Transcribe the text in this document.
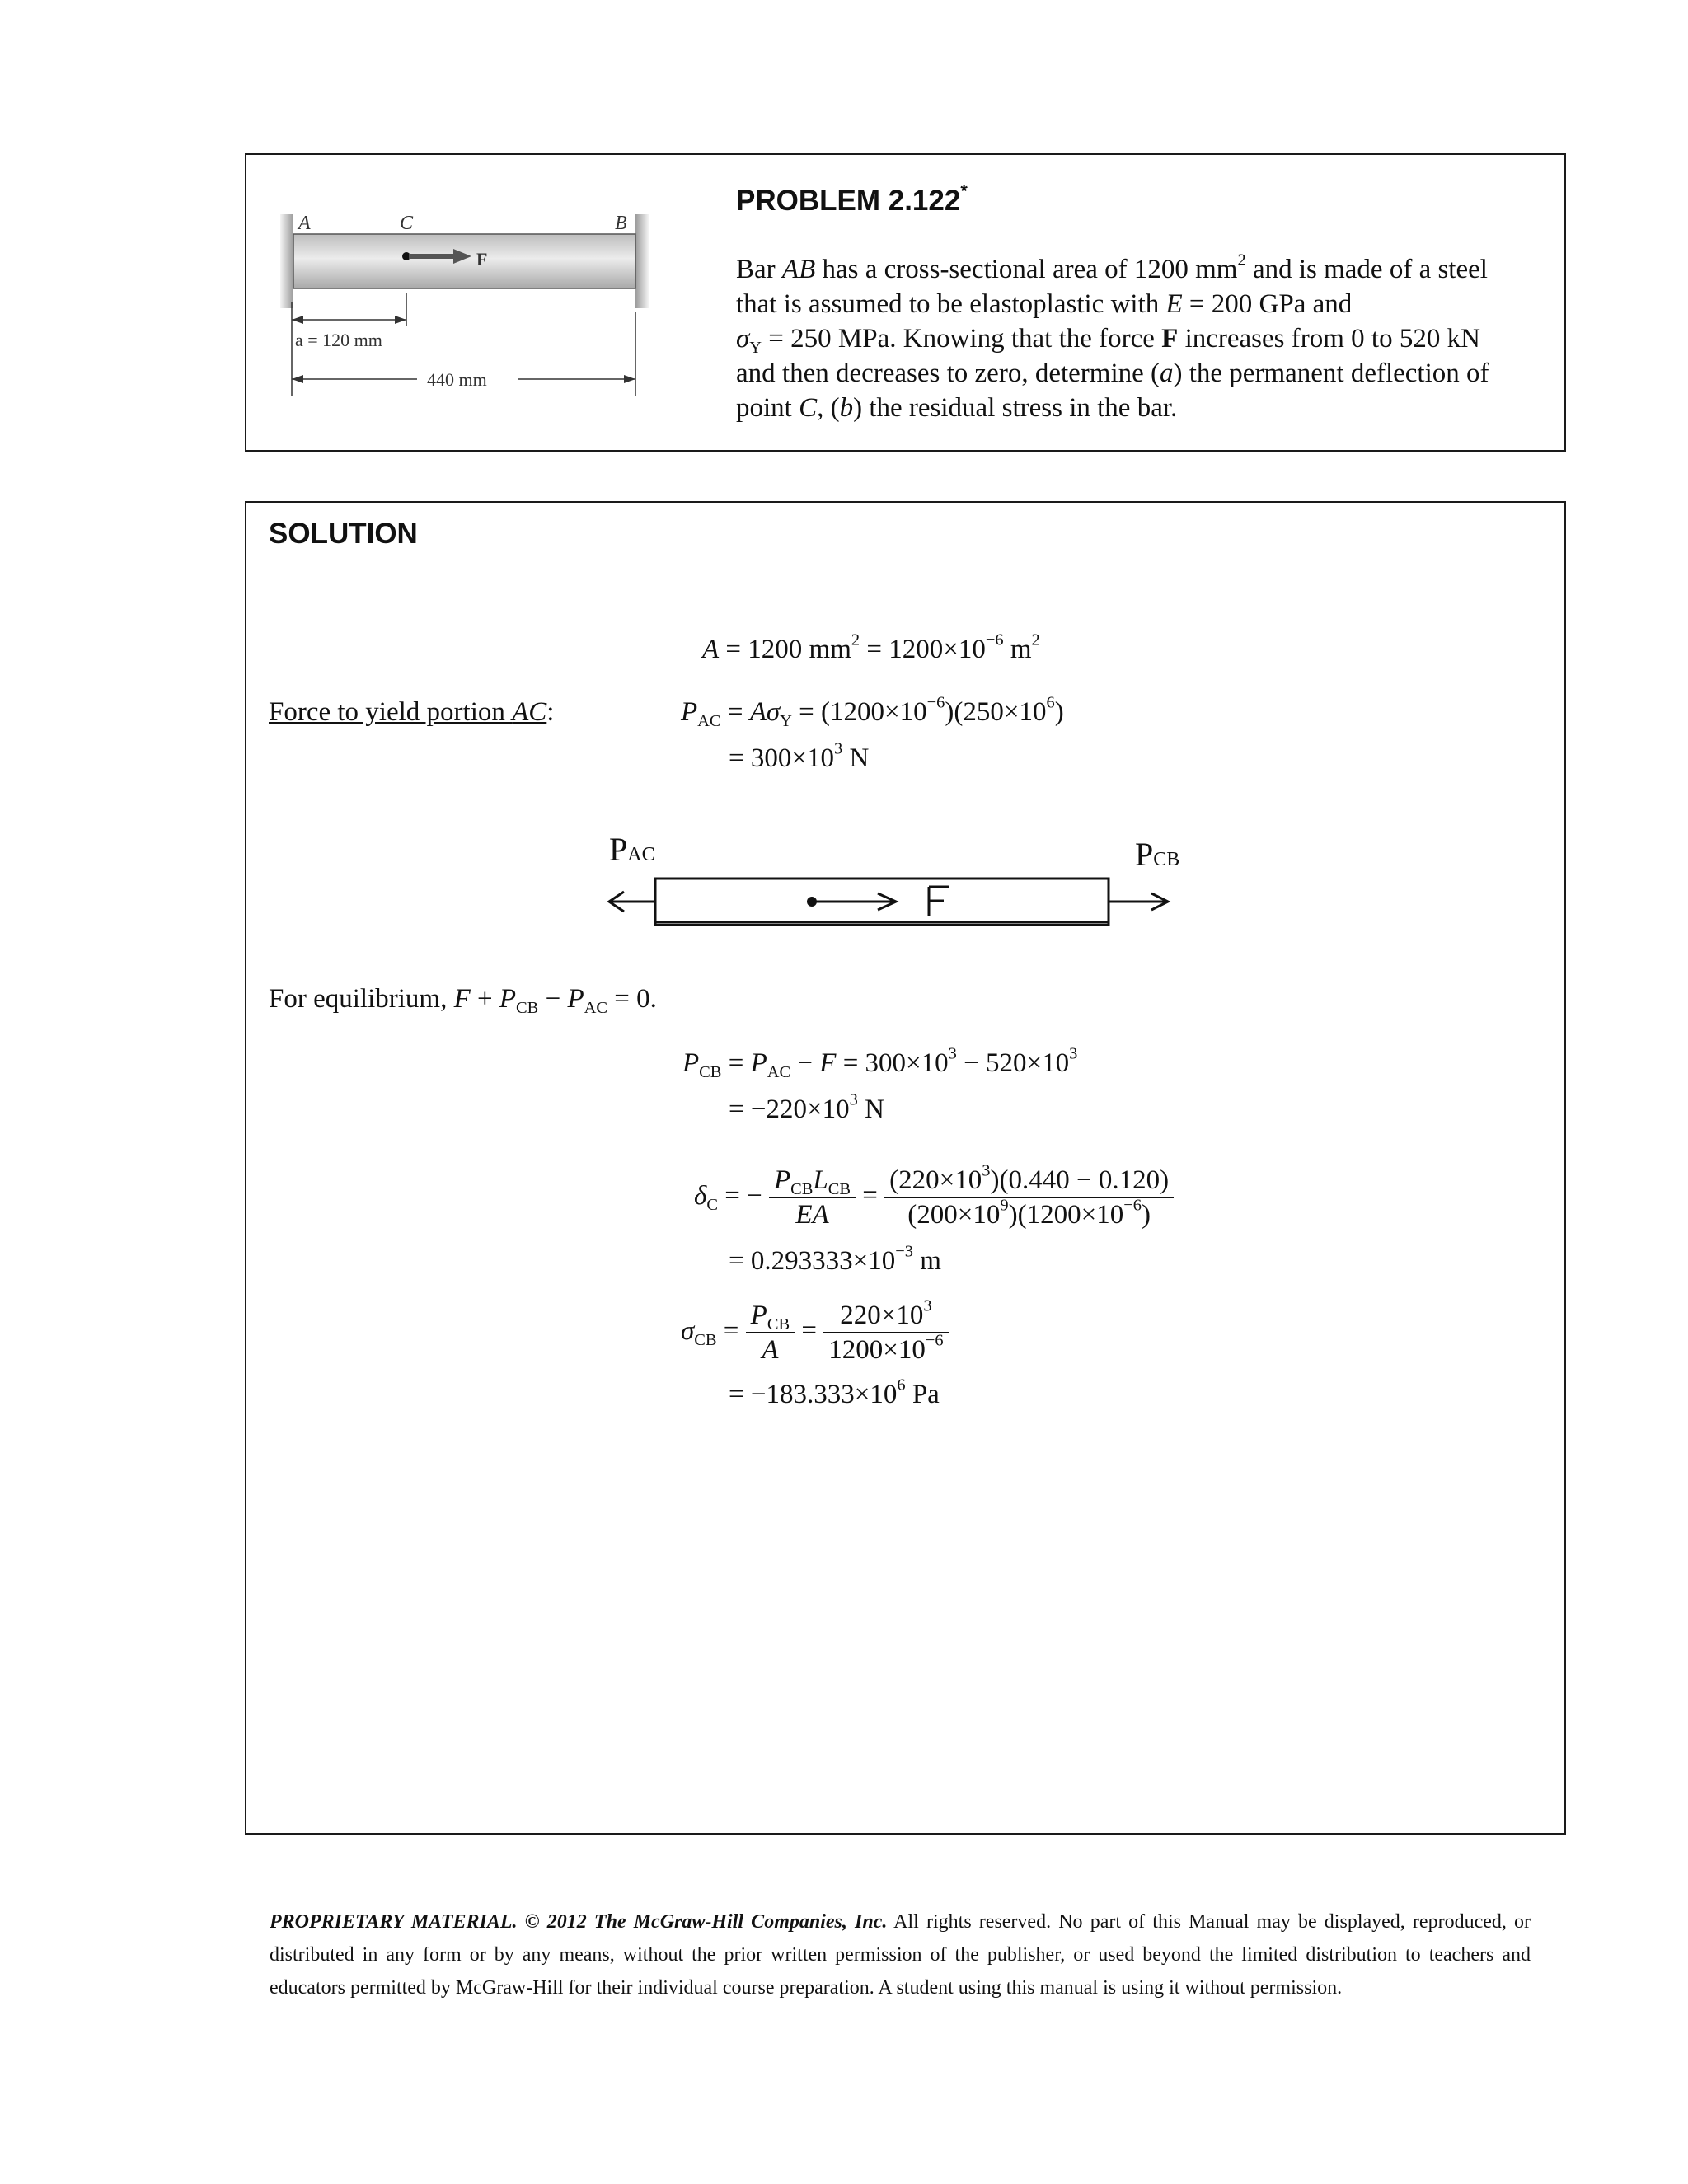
A	C	B
F
a = 120 mm
440 mm
PROBLEM 2.122*

Bar AB has a cross-sectional area of 1200 $mm^2$ and is made of a steel

that is assumed to be elastoplastic with E = 200 GPa and

$\sigma_Y = 250$ MPa. Knowing that the force F increases from 0 to 520 kN

and then decreases to zero, determine (a) the permanent deflection of

point C, (b) the residual stress in the bar.

SOLUTION
A = 1200 $mm^2 = 1200\times 10^{-6}$ $m^2$
Force to yield portion AC:	$P_{AC} = A\sigma_Y = (1200\times 10^{-6})(250\times 10^6)$
= $300\times 10^3$ N
PAC	PCB
For equilibrium, $F + P_{CB} - P_{AC} = 0$.
$P_{CB} = P_{AC} - F = 300\times 10^3 - 520\times 10^3$
= $-220\times 10^3$ N
$\delta_C$ = − $\frac{P_{CB}L_{CB}}{EA} = \frac{(220\times 10^3)(0.440 - 0.120)}{(200\times 10^9)(1200\times 10^{-6})}$
= $0.293333\times 10^{-3}$ m
$\sigma_{CB} = \frac{P_{CB}}{A} = \frac{220\times 10^3}{1200\times 10^{-6}}$
= $-183.333\times 10^6$ Pa
PROPRIETARY MATERIAL. © 2012 The McGraw-Hill Companies, Inc. All rights reserved. No part of this Manual may be displayed, reproduced, or distributed in any form or by any means, without the prior written permission of the publisher, or used beyond the limited distribution to teachers and educators permitted by McGraw-Hill for their individual course preparation. A student using this manual is using it without permission.
